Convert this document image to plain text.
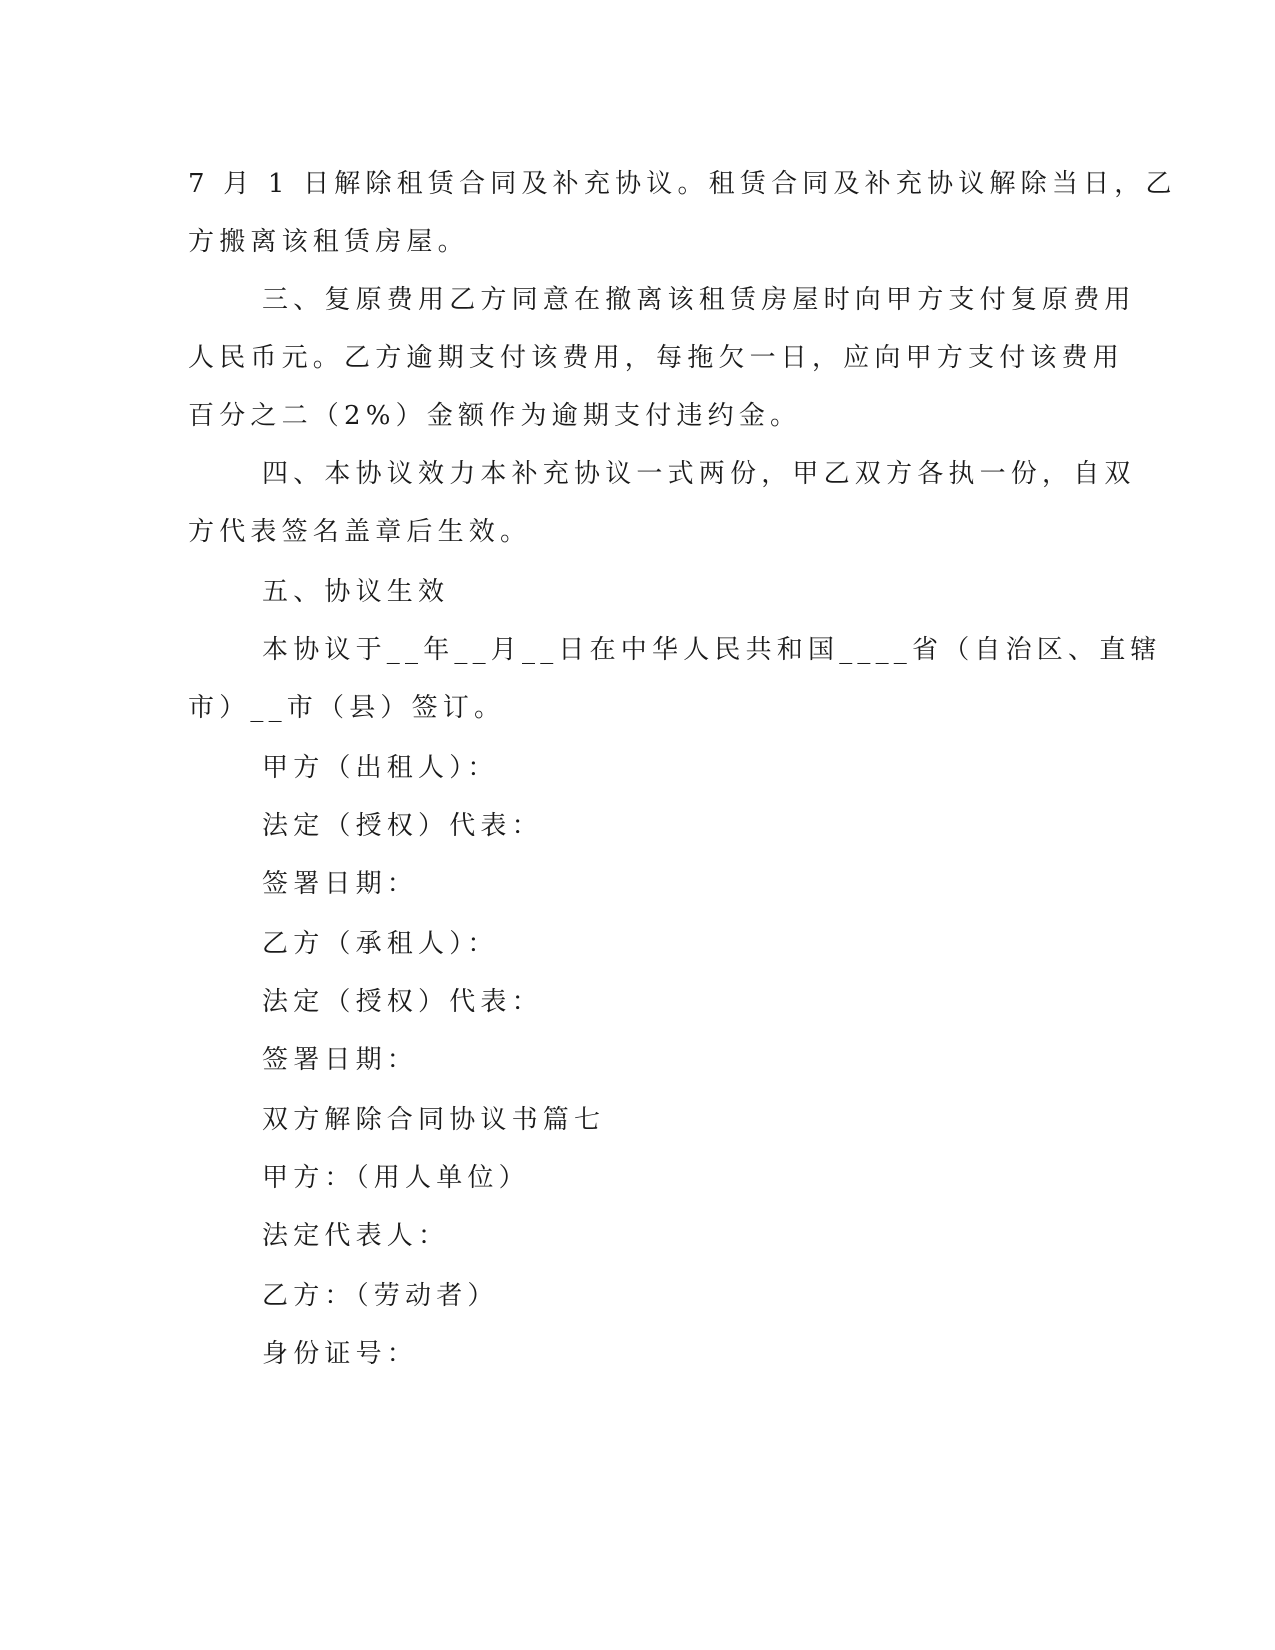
7 月 1 日解除租赁合同及补充协议。租赁合同及补充协议解除当日，乙
方搬离该租赁房屋。
三、复原费用乙方同意在撤离该租赁房屋时向甲方支付复原费用
人民币元。乙方逾期支付该费用，每拖欠一日，应向甲方支付该费用
百分之二（2%）金额作为逾期支付违约金。
四、本协议效力本补充协议一式两份，甲乙双方各执一份，自双
方代表签名盖章后生效。
五、协议生效
本协议于__年__月__日在中华人民共和国____省（自治区、直辖
市）__市（县）签订。
甲方（出租人）：
法定（授权）代表：
签署日期：
乙方（承租人）：
法定（授权）代表：
签署日期：
双方解除合同协议书篇七
甲方：（用人单位）
法定代表人：
乙方：（劳动者）
身份证号：
